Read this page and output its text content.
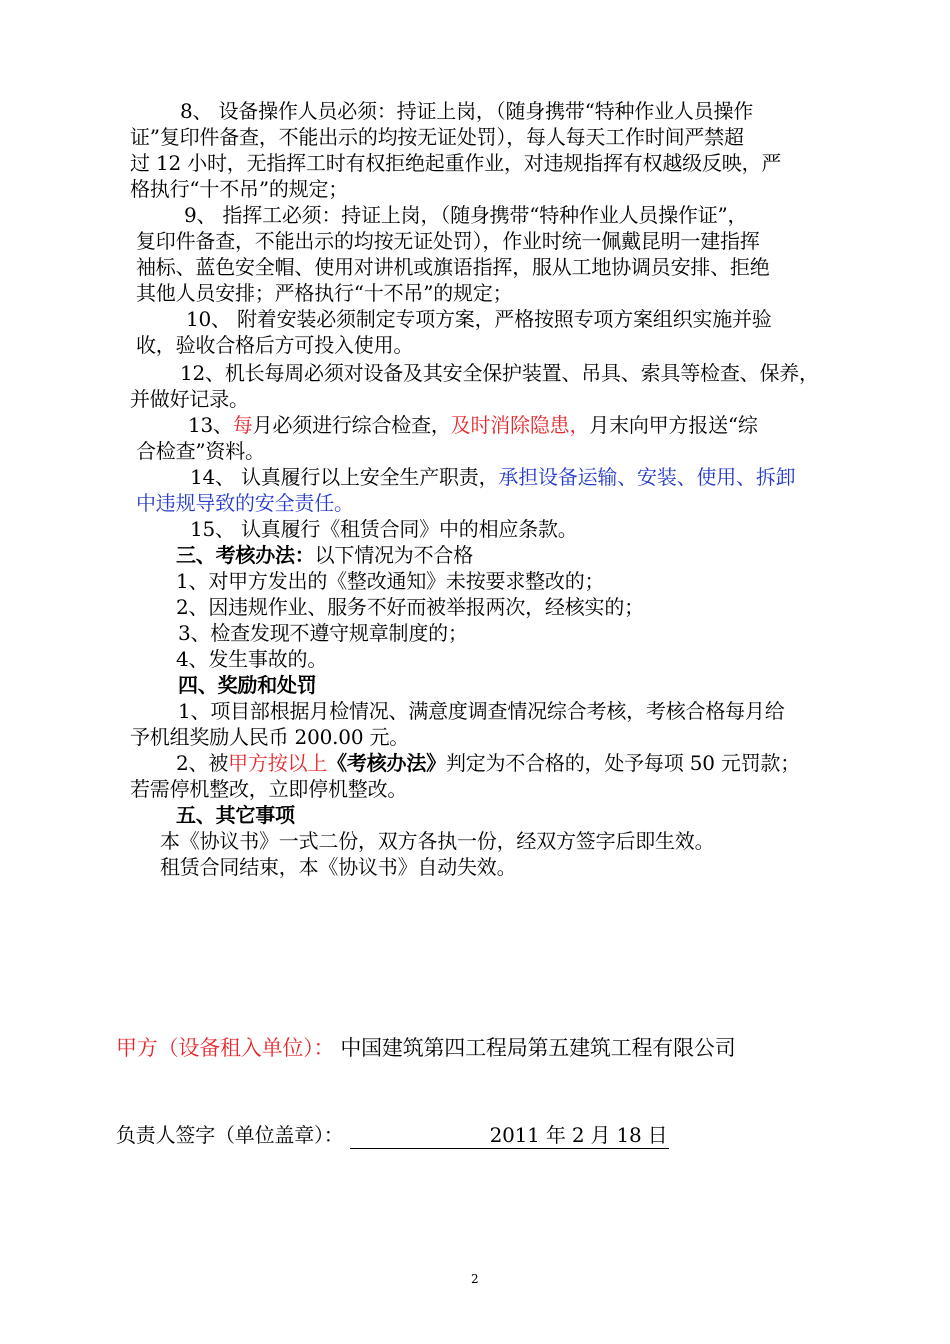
8、 设备操作人员必须：持证上岗，（随身携带“特种作业人员操作
证”复印件备查，不能出示的均按无证处罚），每人每天工作时间严禁超
过 12 小时，无指挥工时有权拒绝起重作业，对违规指挥有权越级反映，严
格执行“十不吊”的规定；
9、 指挥工必须：持证上岗，（随身携带“特种作业人员操作证”，
复印件备查，不能出示的均按无证处罚），作业时统一佩戴昆明一建指挥
袖标、蓝色安全帽、使用对讲机或旗语指挥，服从工地协调员安排、拒绝
其他人员安排；严格执行“十不吊”的规定；
10、 附着安装必须制定专项方案，严格按照专项方案组织实施并验
收，验收合格后方可投入使用。
12、机长每周必须对设备及其安全保护装置、吊具、索具等检查、保养，
并做好记录。
13、每月必须进行综合检查，及时消除隐患，月末向甲方报送“综
合检查”资料。
14、 认真履行以上安全生产职责，承担设备运输、安装、使用、拆卸
中违规导致的安全责任。
15、 认真履行《租赁合同》中的相应条款。
三、考核办法：以下情况为不合格
1、对甲方发出的《整改通知》未按要求整改的；
2、因违规作业、服务不好而被举报两次，经核实的；
3、检查发现不遵守规章制度的；
4、发生事故的。
四、奖励和处罚
1、项目部根据月检情况、满意度调查情况综合考核，考核合格每月给
予机组奖励人民币 200.00 元。
2、被甲方按以上《考核办法》判定为不合格的，处予每项 50 元罚款；
若需停机整改，立即停机整改。
五、其它事项
本《协议书》一式二份，双方各执一份，经双方签字后即生效。
租赁合同结束，本《协议书》自动失效。
甲方（设备租入单位）： 中国建筑第四工程局第五建筑工程有限公司
负责人签字（单位盖章）：	2011 年 2 月 18 日
2
